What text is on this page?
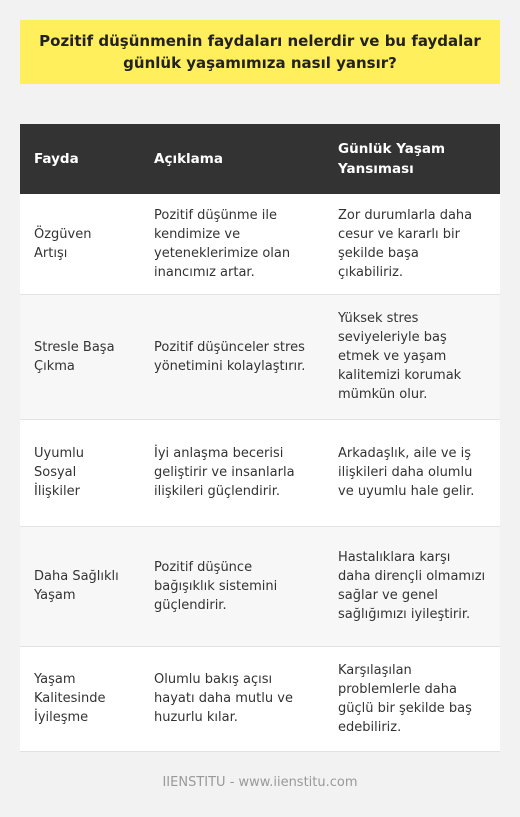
Pozitif düşünmenin faydaları nelerdir ve bu faydalar günlük yaşamımıza nasıl yansır?
Fayda	Açıklama	Günlük Yaşam Yansıması
Özgüven Artışı	Pozitif düşünme ile kendimize ve yeteneklerimize olan inancımız artar.	Zor durumlarla daha cesur ve kararlı bir şekilde başa çıkabiliriz.
Stresle Başa Çıkma	Pozitif düşünceler stres yönetimini kolaylaştırır.	Yüksek stres seviyeleriyle baş etmek ve yaşam kalitemizi korumak mümkün olur.
Uyumlu Sosyal İlişkiler	İyi anlaşma becerisi geliştirir ve insanlarla ilişkileri güçlendirir.	Arkadaşlık, aile ve iş ilişkileri daha olumlu ve uyumlu hale gelir.
Daha Sağlıklı Yaşam	Pozitif düşünce bağışıklık sistemini güçlendirir.	Hastalıklara karşı daha dirençli olmamızı sağlar ve genel sağlığımızı iyileştirir.
Yaşam Kalitesinde İyileşme	Olumlu bakış açısı hayatı daha mutlu ve huzurlu kılar.	Karşılaşılan problemlerle daha güçlü bir şekilde baş edebiliriz.
IIENSTITU - www.iienstitu.com
